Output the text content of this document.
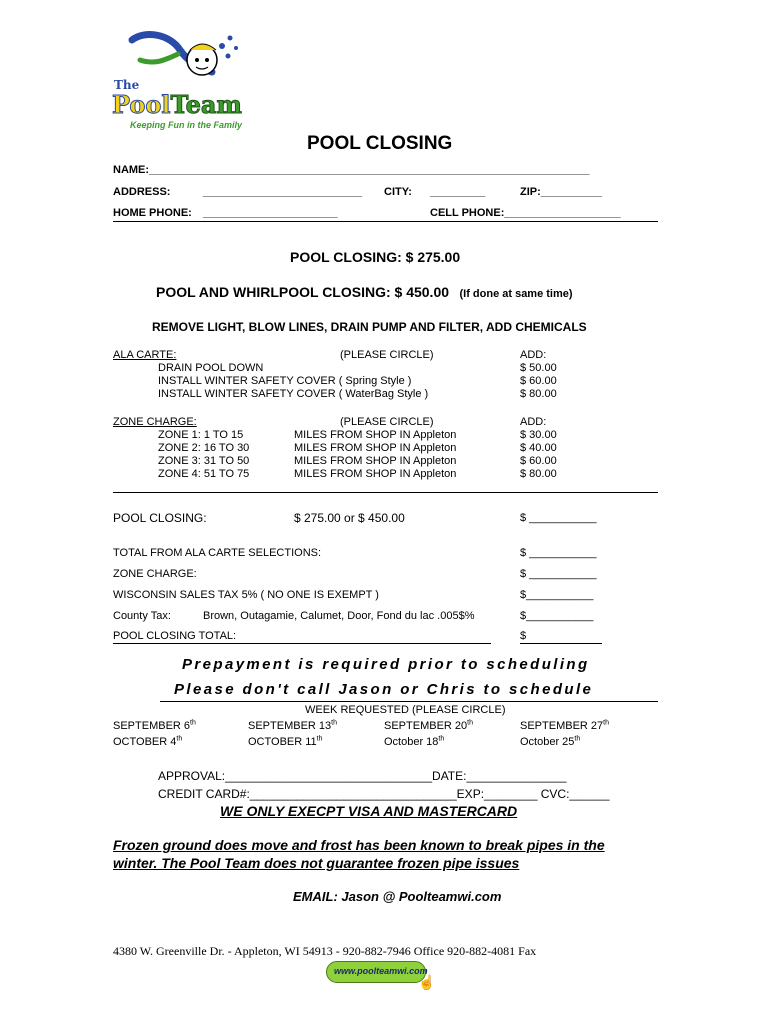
The
PoolTeam
Keeping Fun in the Family
POOL CLOSING
NAME:________________________________________________________________________
ADDRESS:	__________________________ CITY: _________	ZIP:__________
HOME PHONE: ______________________	CELL PHONE:___________________
POOL CLOSING: $ 275.00
POOL AND WHIRLPOOL CLOSING: $ 450.00 (If done at same time)
REMOVE LIGHT, BLOW LINES, DRAIN PUMP AND FILTER, ADD CHEMICALS
ALA CARTE:	(PLEASE CIRCLE)	ADD:
DRAIN POOL DOWN	$ 50.00
INSTALL WINTER SAFETY COVER ( Spring Style )	$ 60.00
INSTALL WINTER SAFETY COVER ( WaterBag Style )	$ 80.00
ZONE CHARGE:	(PLEASE CIRCLE)	ADD:
ZONE 1: 1 TO 15	MILES FROM SHOP IN Appleton	$ 30.00
ZONE 2: 16 TO 30	MILES FROM SHOP IN Appleton	$ 40.00
ZONE 3: 31 TO 50	MILES FROM SHOP IN Appleton	$ 60.00
ZONE 4: 51 TO 75	MILES FROM SHOP IN Appleton	$ 80.00
POOL CLOSING:	$ 275.00 or $ 450.00	$ ___________
TOTAL FROM ALA CARTE SELECTIONS:	$ ___________
ZONE CHARGE:	$ ___________
WISCONSIN SALES TAX 5% ( NO ONE IS EXEMPT )	$___________
County Tax:	Brown, Outagamie, Calumet, Door, Fond du lac .005$%	$___________
POOL CLOSING TOTAL:	$
Prepayment is required prior to scheduling
Please don't call Jason or Chris to schedule
WEEK REQUESTED (PLEASE CIRCLE)
SEPTEMBER 6th	SEPTEMBER 13th	SEPTEMBER 20th	SEPTEMBER 27th
OCTOBER 4th	OCTOBER 11th	October 18th	October 25th
APPROVAL:_______________________________DATE:_______________
CREDIT CARD#:_______________________________EXP:________ CVC:______
WE ONLY EXECPT VISA AND MASTERCARD
Frozen ground does move and frost has been known to break pipes in the
winter. The Pool Team does not guarantee frozen pipe issues
EMAIL: Jason @ Poolteamwi.com
4380 W. Greenville Dr. - Appleton, WI 54913 - 920-882-7946 Office 920-882-4081 Fax
www.poolteamwi.com
☝
